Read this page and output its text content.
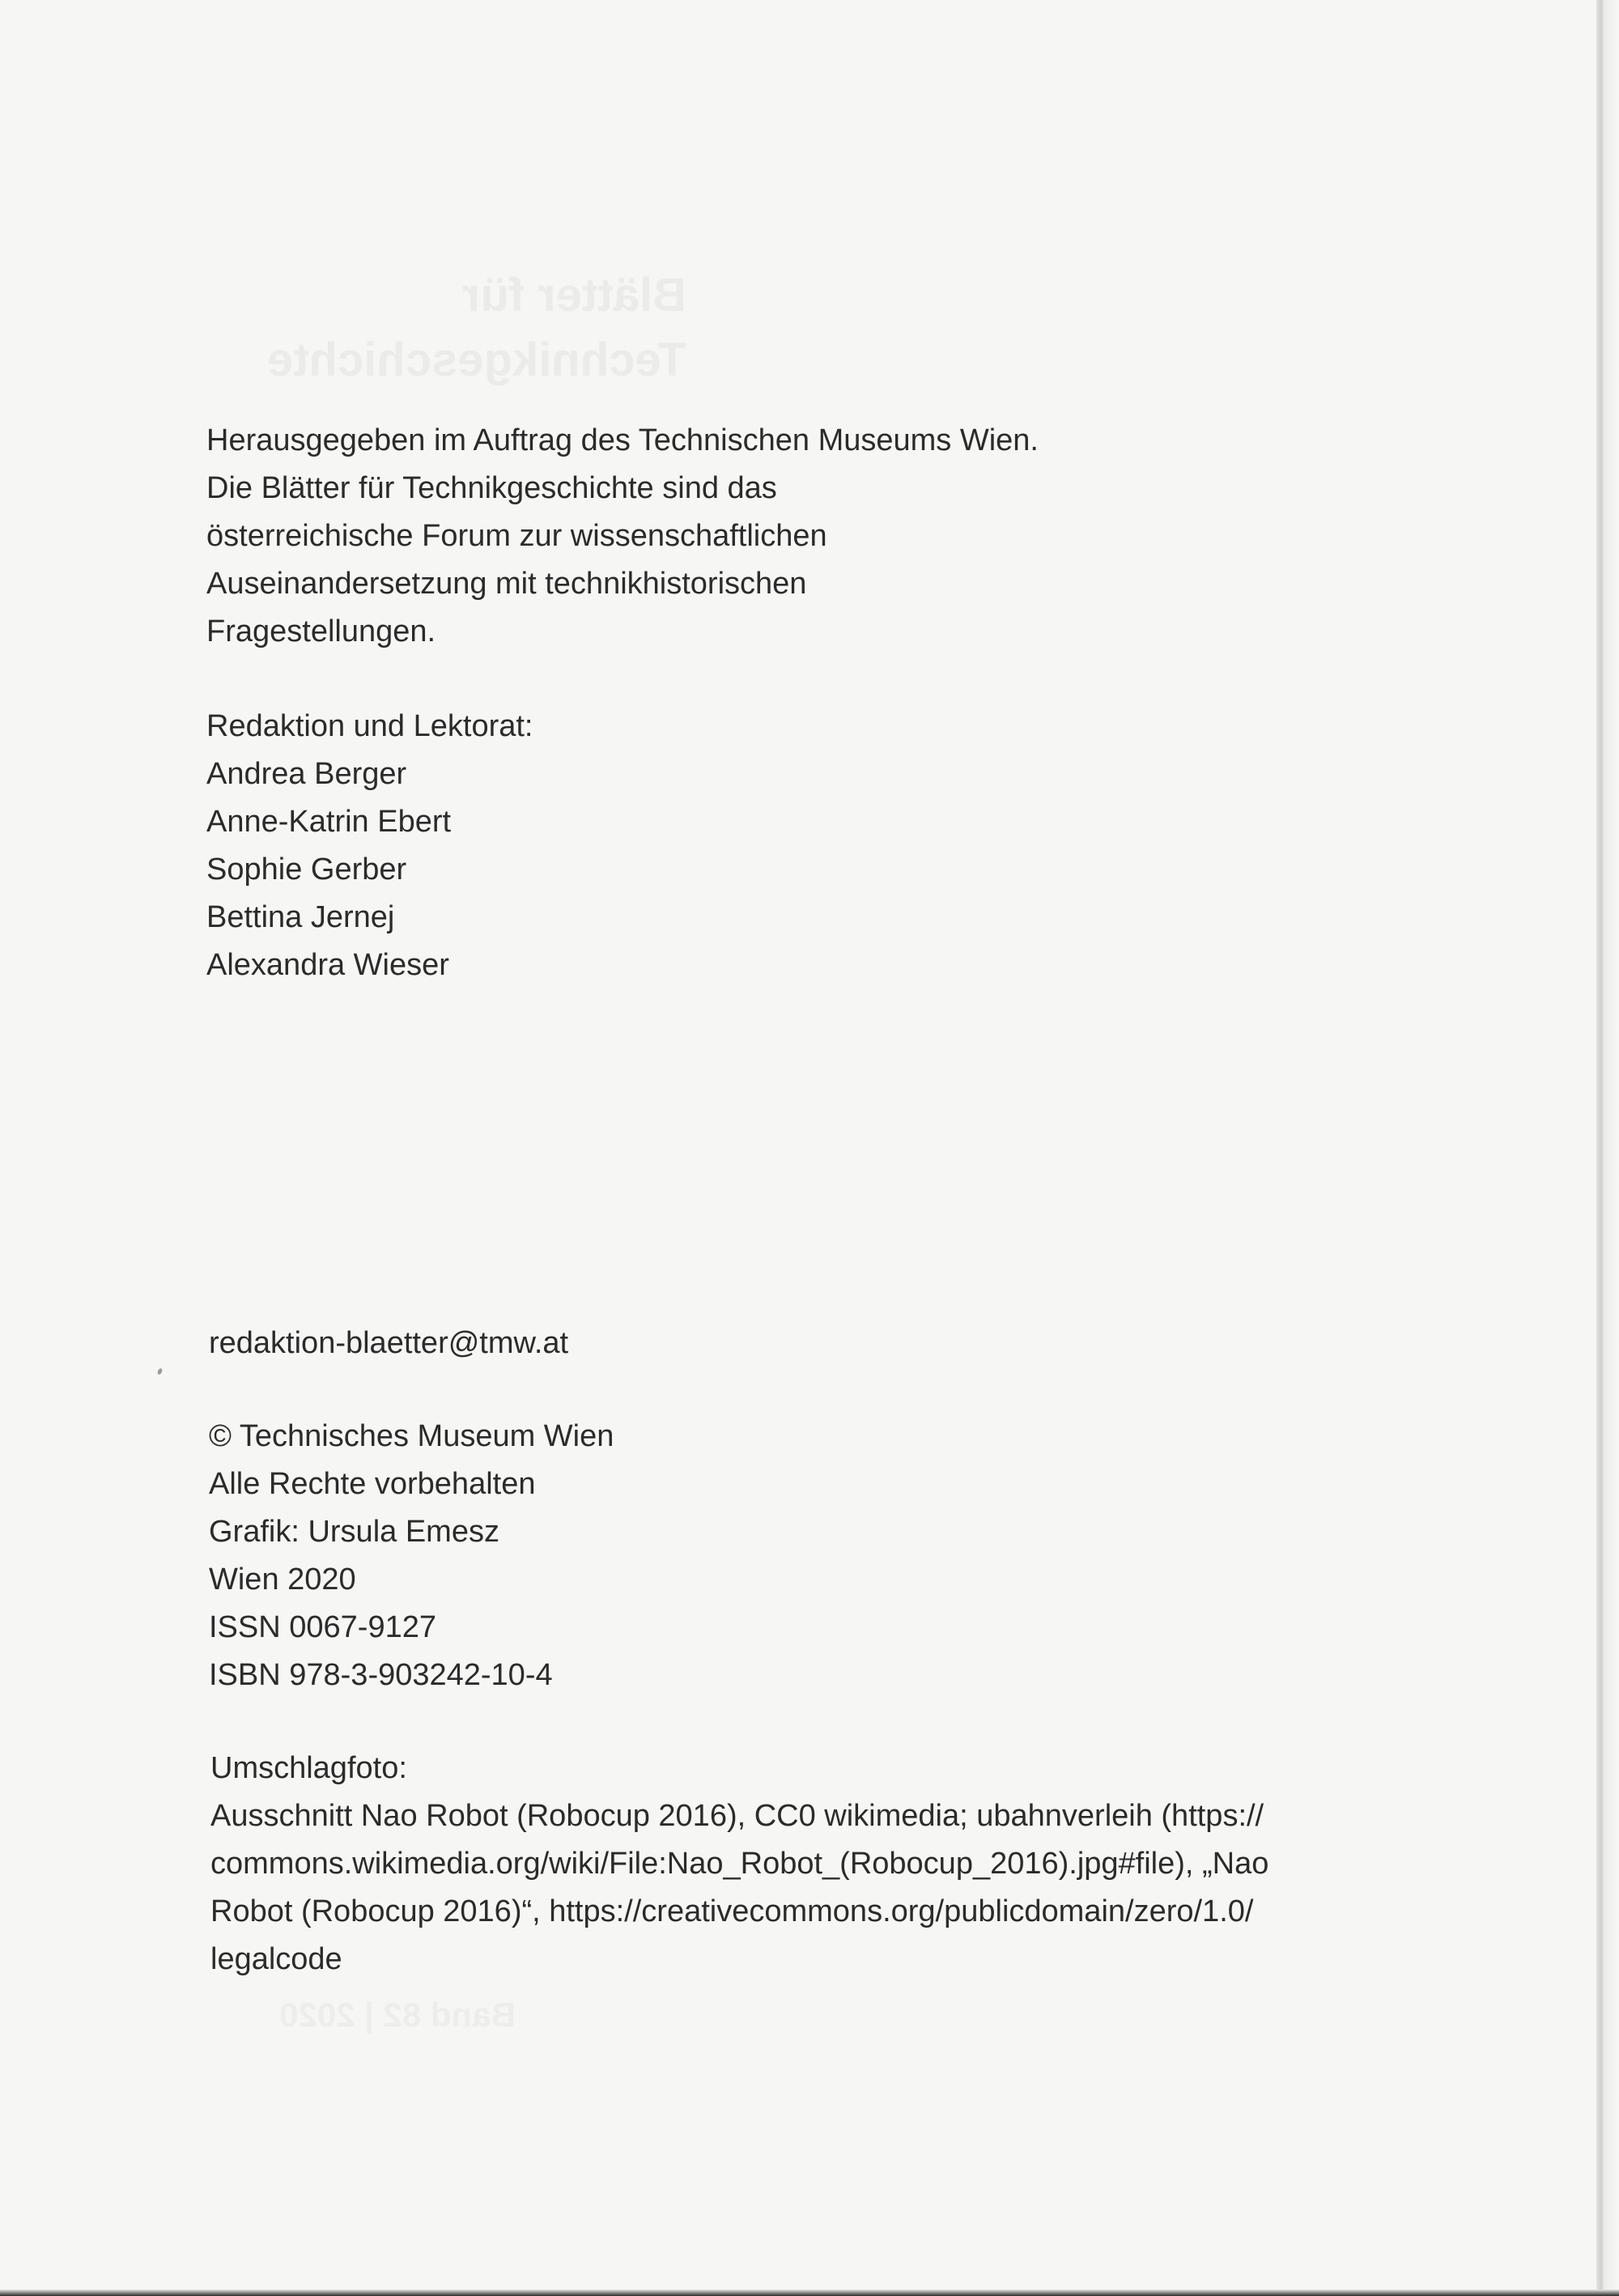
Blätter für
Technikgeschichte
Band 82 | 2020

Herausgegeben im Auftrag des Technischen Museums Wien.

Die Blätter für Technikgeschichte sind das

österreichische Forum zur wissenschaftlichen

Auseinandersetzung mit technikhistorischen

Fragestellungen.

Redaktion und Lektorat:

Andrea Berger

Anne-Katrin Ebert

Sophie Gerber

Bettina Jernej

Alexandra Wieser

redaktion-blaetter@tmw.at

© Technisches Museum Wien

Alle Rechte vorbehalten

Grafik: Ursula Emesz

Wien 2020

ISSN 0067-9127

ISBN 978-3-903242-10-4

Umschlagfoto:

Ausschnitt Nao Robot (Robocup 2016), CC0 wikimedia; ubahnverleih (https://

commons.wikimedia.org/wiki/File:Nao_Robot_(Robocup_2016).jpg#file), „Nao

Robot (Robocup 2016)“, https://creativecommons.org/publicdomain/zero/1.0/

legalcode
